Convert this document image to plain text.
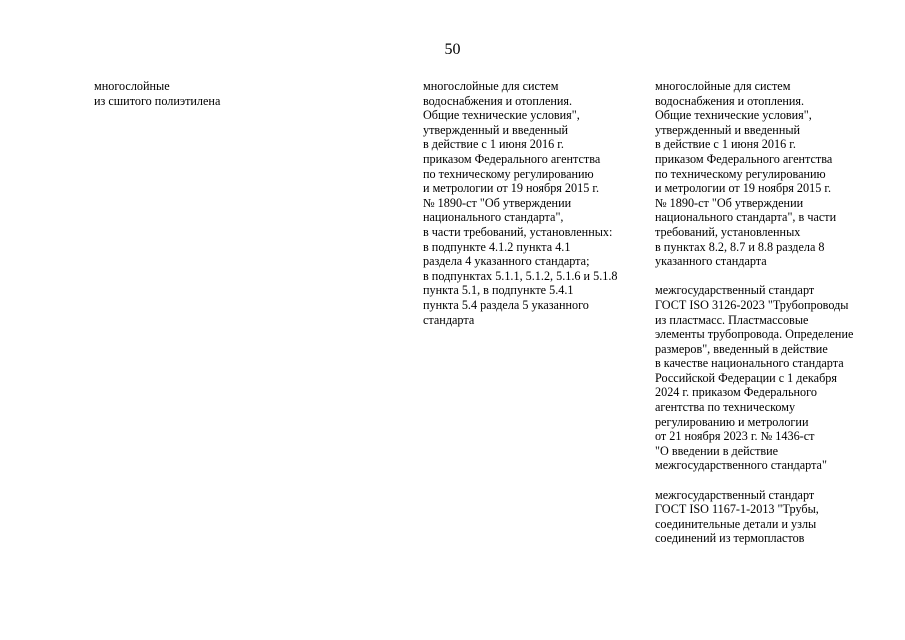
50
многослойные
из сшитого полиэтилена
многослойные для систем
водоснабжения и отопления.
Общие технические условия",
утвержденный и введенный
в действие с 1 июня 2016 г.
приказом Федерального агентства
по техническому регулированию
и метрологии от 19 ноября 2015 г.
№ 1890-ст "Об утверждении
национального стандарта",
в части требований, установленных:
в подпункте 4.1.2 пункта 4.1
раздела 4 указанного стандарта;
в подпунктах 5.1.1, 5.1.2, 5.1.6 и 5.1.8
пункта 5.1, в подпункте 5.4.1
пункта 5.4 раздела 5 указанного
стандарта
многослойные для систем
водоснабжения и отопления.
Общие технические условия",
утвержденный и введенный
в действие с 1 июня 2016 г.
приказом Федерального агентства
по техническому регулированию
и метрологии от 19 ноября 2015 г.
№ 1890-ст "Об утверждении
национального стандарта", в части
требований, установленных
в пунктах 8.2, 8.7 и 8.8 раздела 8
указанного стандарта
межгосударственный стандарт
ГОСТ ISO 3126-2023 "Трубопроводы
из пластмасс. Пластмассовые
элементы трубопровода. Определение
размеров", введенный в действие
в качестве национального стандарта
Российской Федерации с 1 декабря
2024 г. приказом Федерального
агентства по техническому
регулированию и метрологии
от 21 ноября 2023 г. № 1436-ст
"О введении в действие
межгосударственного стандарта"
межгосударственный стандарт
ГОСТ ISO 1167-1-2013 "Трубы,
соединительные детали и узлы
соединений из термопластов
